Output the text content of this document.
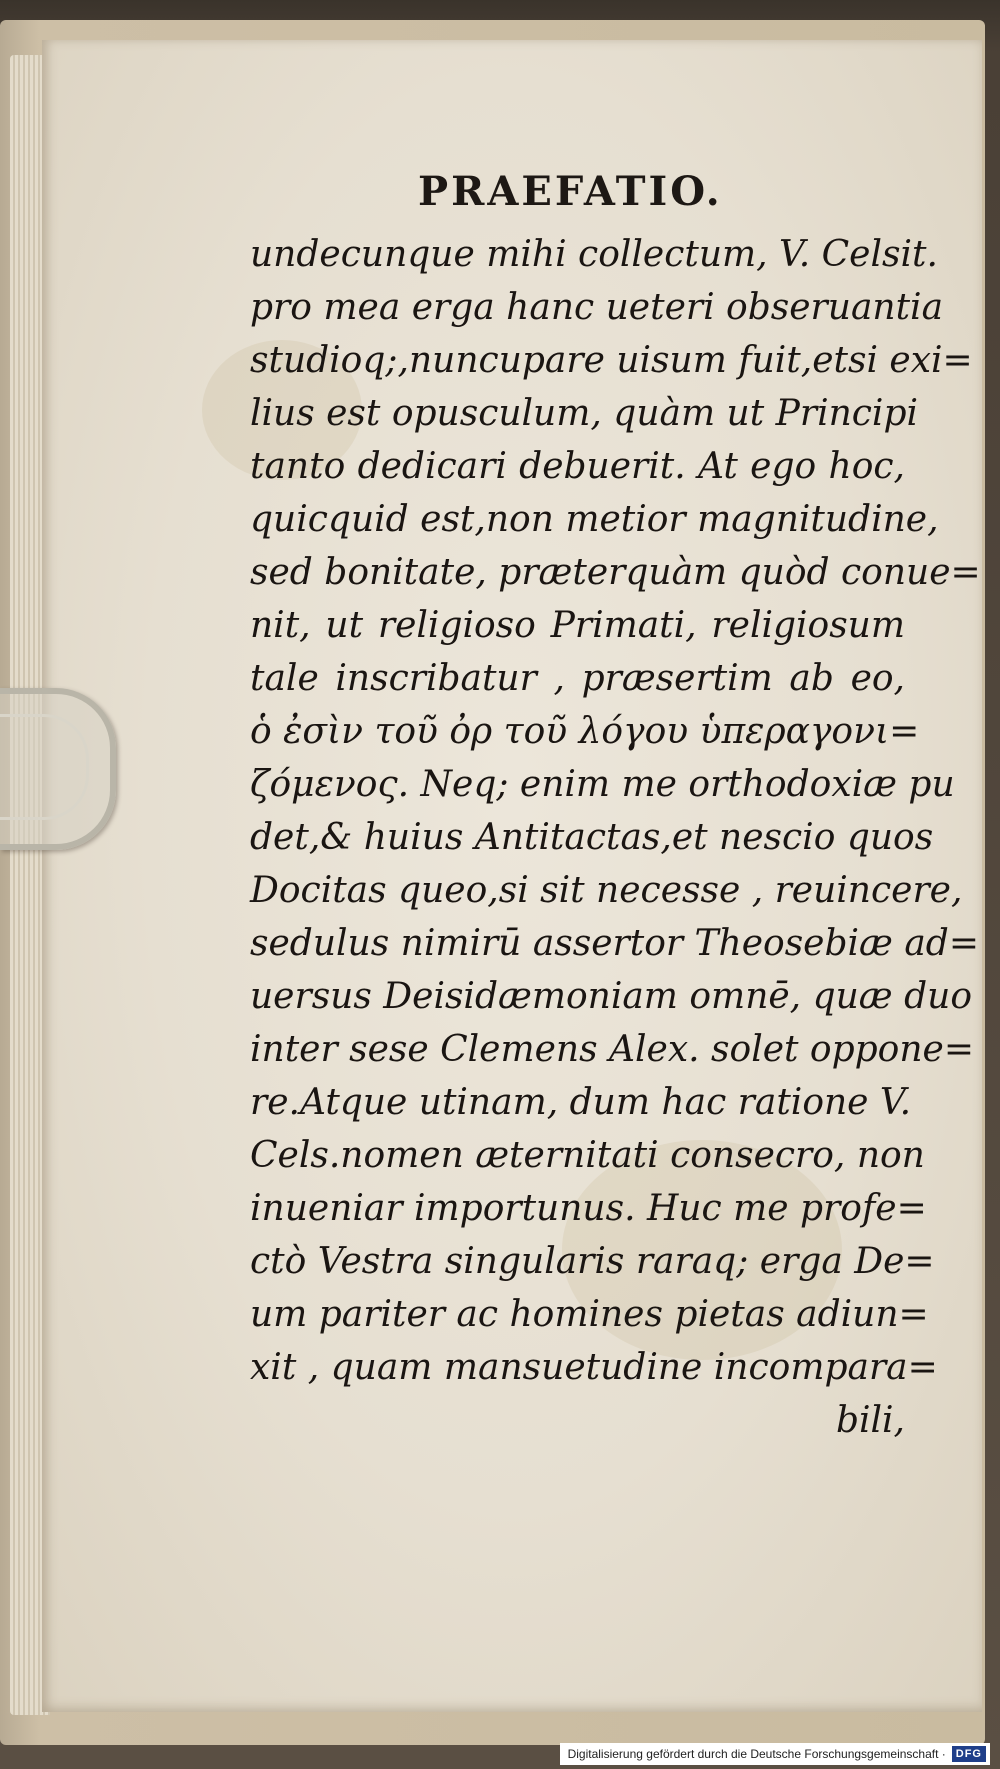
PRAEFATIO.
undecunque mihi collectum, V. Celsit.
pro mea erga hanc ueteri obseruantia
studioq;,nuncupare uisum fuit,etsi exi=
lius est opusculum, quàm ut Principi
tanto dedicari debuerit. At ego hoc,
quicquid est,non metior magnitudine,
sed bonitate, præterquàm quòd conue=
nit, ut religioso Primati, religiosum
tale inscribatur , præsertim ab eo,
ὁ ἐσὶν τοῦ ὀρ τοῦ λόγου ὑπεραγονι=
ζόμενος. Neq; enim me orthodoxiæ pu
det,& huius Antitactas,et nescio quos
Docitas queo,si sit necesse , reuincere,
sedulus nimirū assertor Theosebiæ ad=
uersus Deisidæmoniam omnē, quæ duo
inter sese Clemens Alex. solet oppone=
re.Atque utinam, dum hac ratione V.
Cels.nomen æternitati consecro, non
inueniar importunus. Huc me profe=
ctò Vestra singularis raraq; erga De=
um pariter ac homines pietas adiun=
xit , quam mansuetudine incompara=
bili,
Digitalisierung gefördert durch die Deutsche Forschungsgemeinschaft · DFG
